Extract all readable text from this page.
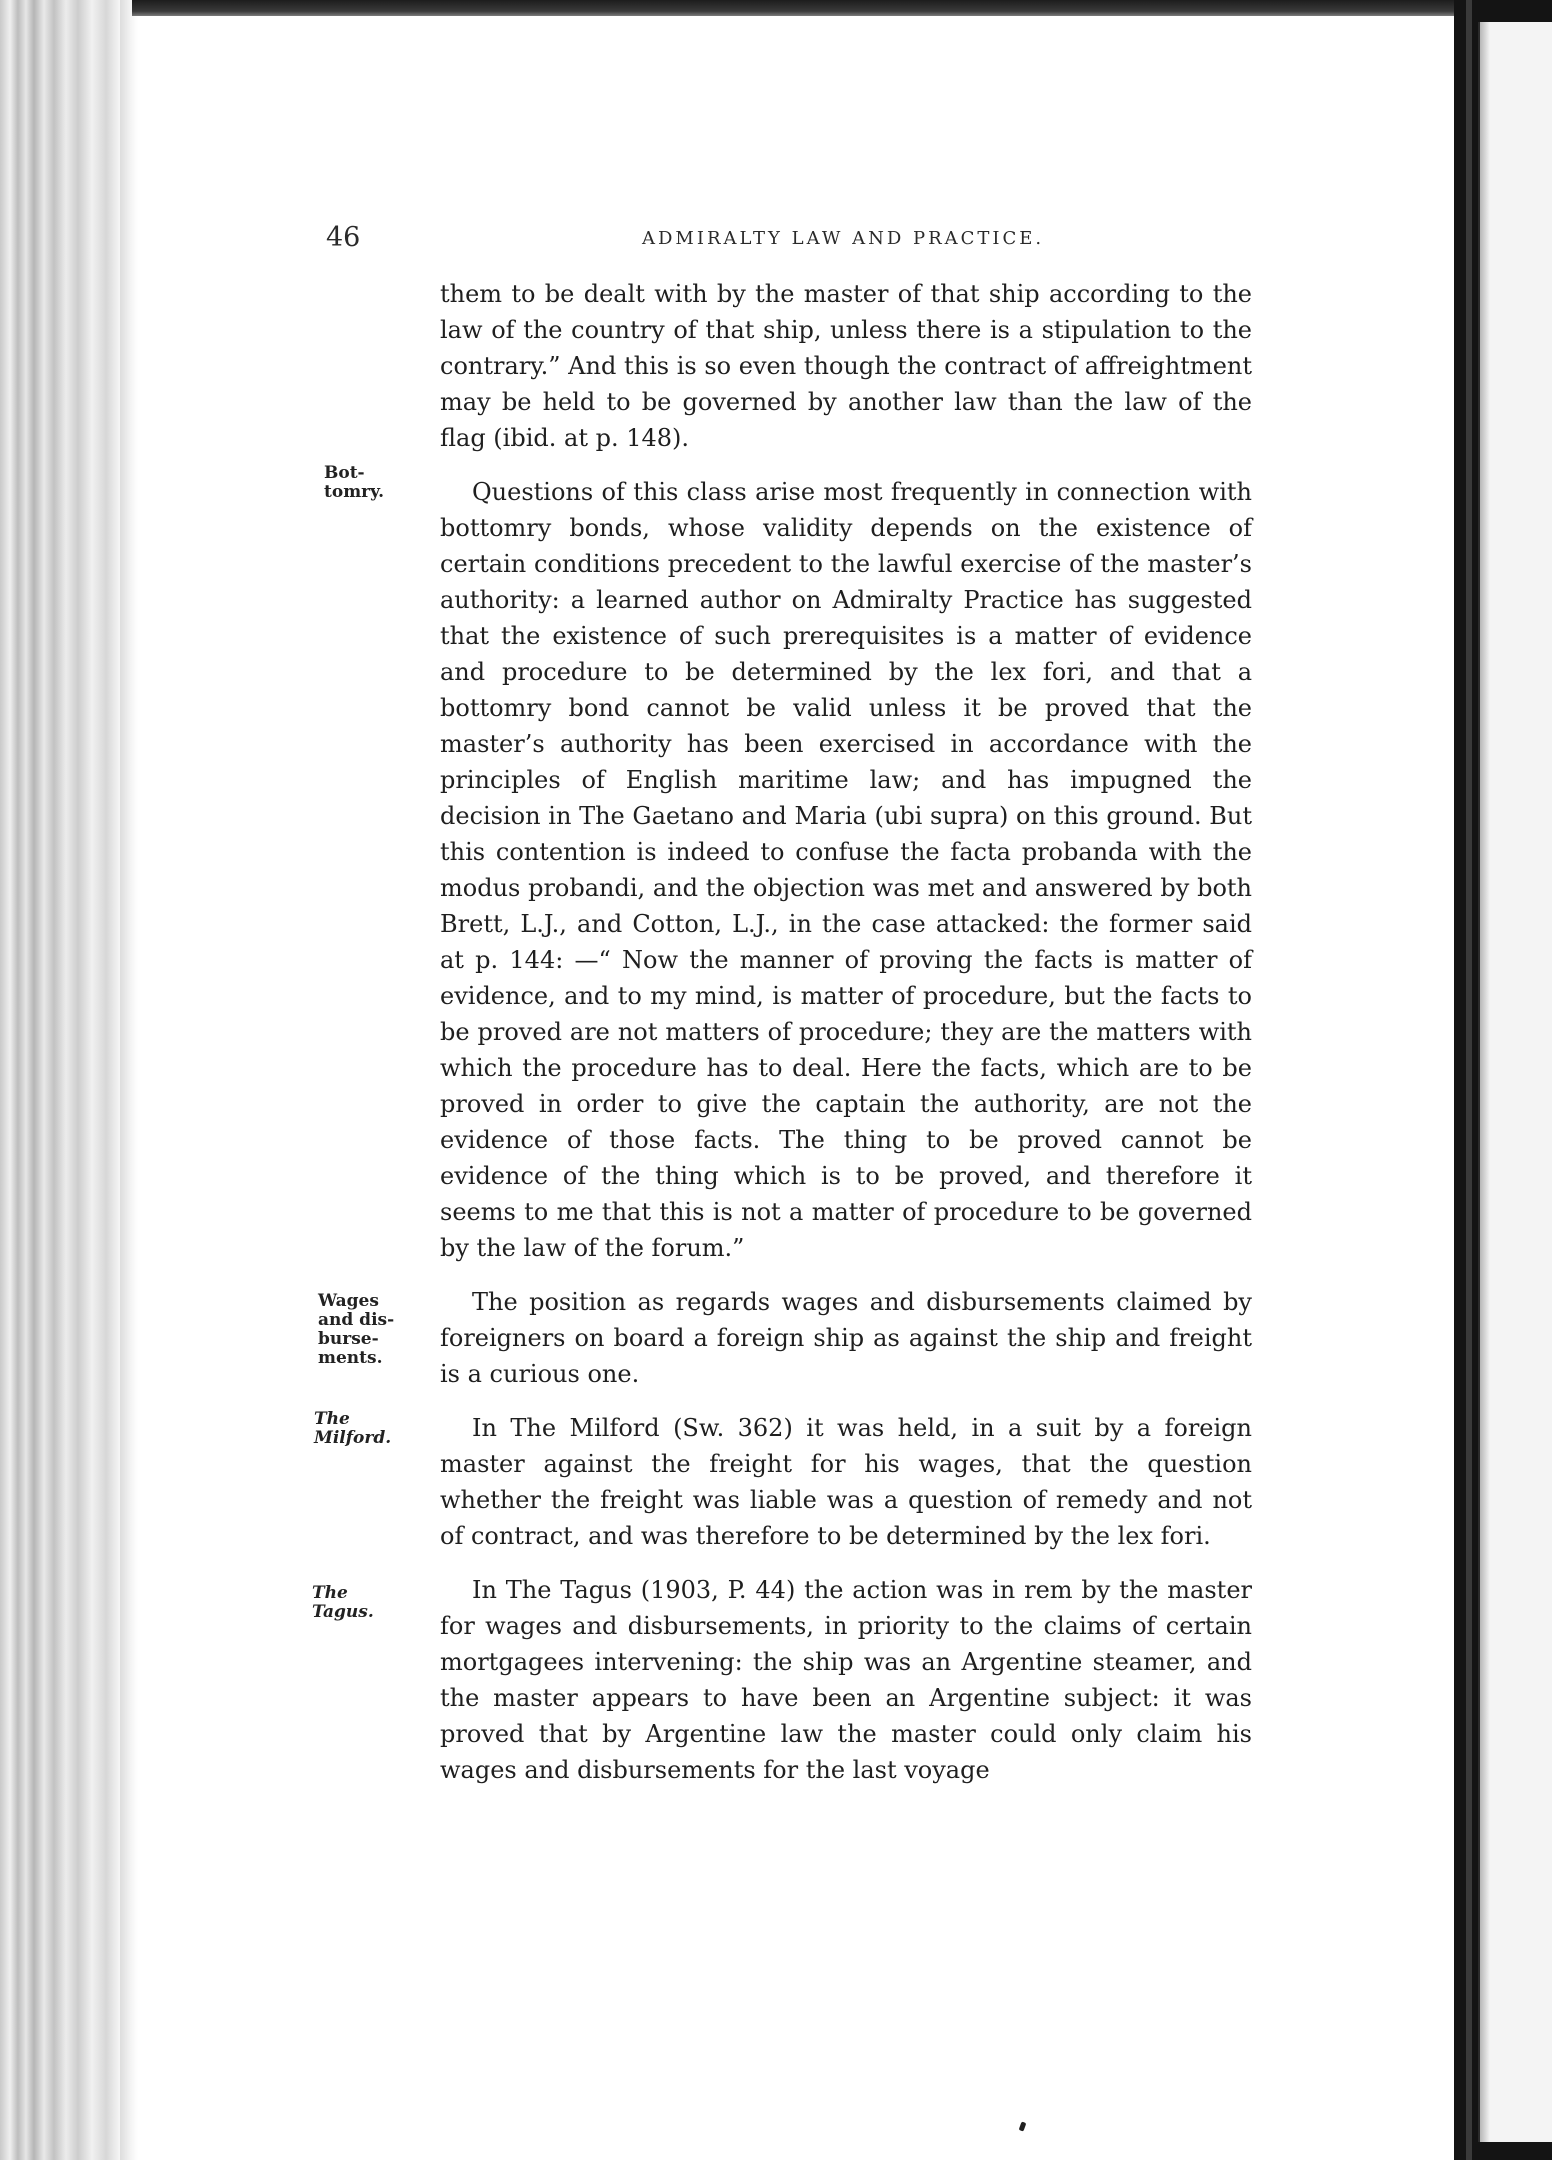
46	ADMIRALTY LAW AND PRACTICE.
Bot-
tomry.
Wages
and dis-
burse-
ments.
The
Milford.
The
Tagus.

them to be dealt with by the master of that ship according to the law of the country of that ship, unless there is a stipulation to the contrary.” And this is so even though the contract of affreightment may be held to be governed by another law than the law of the flag (ibid. at p. 148).

Questions of this class arise most frequently in connection with bottomry bonds, whose validity depends on the existence of certain conditions precedent to the lawful exercise of the master’s authority: a learned author on Admiralty Practice has suggested that the existence of such prerequisites is a matter of evidence and procedure to be determined by the lex fori, and that a bottomry bond cannot be valid unless it be proved that the master’s authority has been exercised in accordance with the principles of English maritime law; and has impugned the decision in The Gaetano and Maria (ubi supra) on this ground. But this contention is indeed to confuse the facta probanda with the modus probandi, and the objection was met and answered by both Brett, L.J., and Cotton, L.J., in the case attacked: the former said at p. 144: —“ Now the manner of proving the facts is matter of evidence, and to my mind, is matter of procedure, but the facts to be proved are not matters of procedure; they are the matters with which the procedure has to deal. Here the facts, which are to be proved in order to give the captain the authority, are not the evidence of those facts. The thing to be proved cannot be evidence of the thing which is to be proved, and therefore it seems to me that this is not a matter of procedure to be governed by the law of the forum.”

The position as regards wages and disbursements claimed by foreigners on board a foreign ship as against the ship and freight is a curious one.

In The Milford (Sw. 362) it was held, in a suit by a foreign master against the freight for his wages, that the question whether the freight was liable was a question of remedy and not of contract, and was therefore to be determined by the lex fori.

In The Tagus (1903, P. 44) the action was in rem by the master for wages and disbursements, in priority to the claims of certain mortgagees intervening: the ship was an Argentine steamer, and the master appears to have been an Argentine subject: it was proved that by Argentine law the master could only claim his wages and disbursements for the last voyage
